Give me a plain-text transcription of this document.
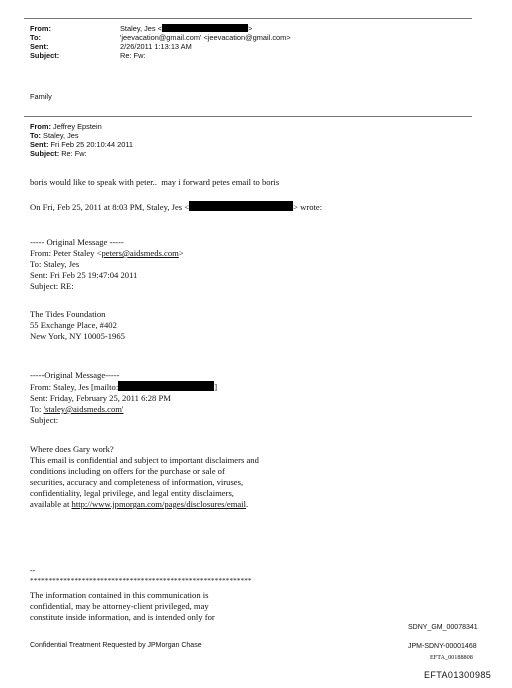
From:	Staley, Jes <	>
To:	'jeevacation@gmail.com' <jeevacation@gmail.com>
Sent:	2/26/2011 1:13:13 AM
Subject:	Re: Fw:
Family
From: Jeffrey Epstein
To: Staley, Jes
Sent: Fri Feb 25 20:10:44 2011
Subject: Re: Fw:
boris would like to speak with peter..  may i forward petes email to boris
On Fri, Feb 25, 2011 at 8:03 PM, Staley, Jes <	> wrote:
----- Original Message -----
From: Peter Staley <peters@aidsmeds.com>
To: Staley, Jes
Sent: Fri Feb 25 19:47:04 2011
Subject: RE:
The Tides Foundation
55 Exchange Place, #402
New York, NY 10005-1965
-----Original Message-----
From: Staley, Jes [mailto:	]
Sent: Friday, February 25, 2011 6:28 PM
To: 'staley@aidsmeds.com'
Subject:
Where does Gary work?
This email is confidential and subject to important disclaimers and
conditions including on offers for the purchase or sale of
securities, accuracy and completeness of information, viruses,
confidentiality, legal privilege, and legal entity disclaimers,
available at http://www.jpmorgan.com/pages/disclosures/email.
--
************************************************************
The information contained in this communication is
confidential, may be attorney-client privileged, may
constitute inside information, and is intended only for
SDNY_GM_00078341
Confidential Treatment Requested by JPMorgan Chase	JPM-SDNY-00001468
EFTA_00188808
EFTA01300985
